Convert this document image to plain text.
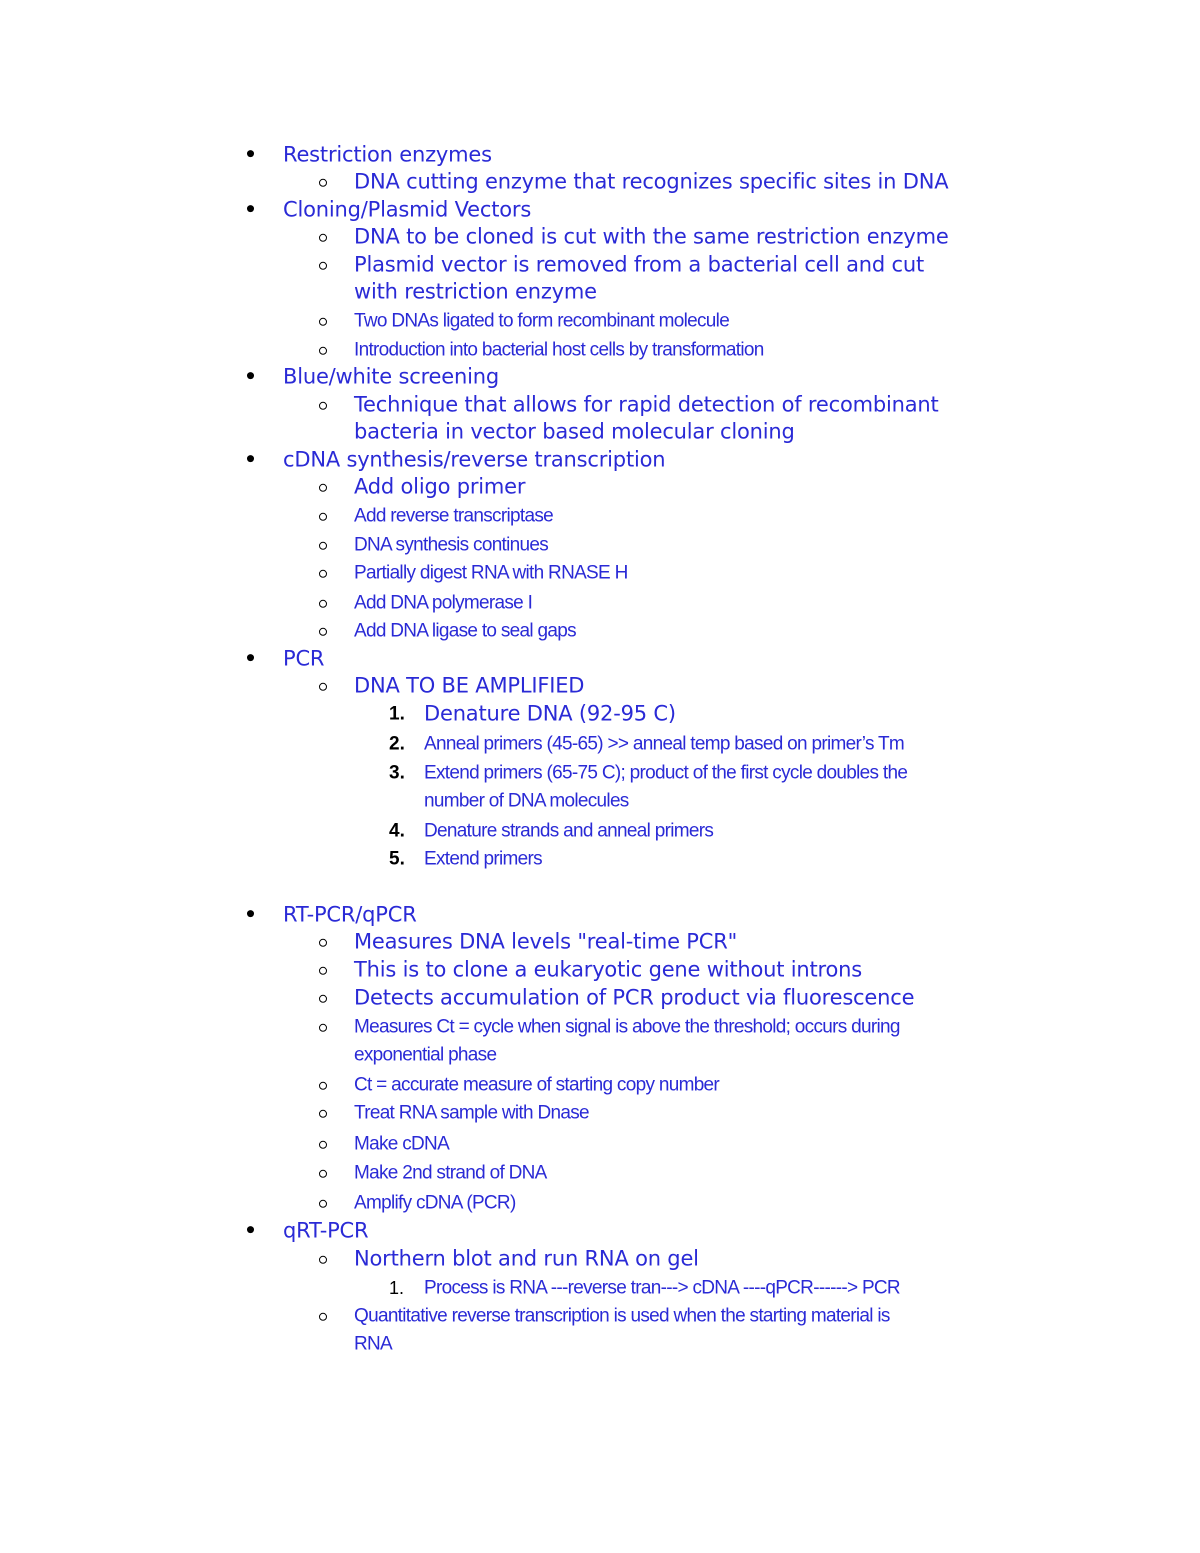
Restriction enzymes
DNA cutting enzyme that recognizes specific sites in DNA
Cloning/Plasmid Vectors
DNA to be cloned is cut with the same restriction enzyme
Plasmid vector is removed from a bacterial cell and cut
with restriction enzyme
Two DNAs ligated to form recombinant molecule
Introduction into bacterial host cells by transformation
Blue/white screening
Technique that allows for rapid detection of recombinant
bacteria in vector based molecular cloning
cDNA synthesis/reverse transcription
Add oligo primer
Add reverse transcriptase
DNA synthesis continues
Partially digest RNA with RNASE H
Add DNA polymerase I
Add DNA ligase to seal gaps
PCR
DNA TO BE AMPLIFIED
1. Denature DNA (92-95 C)
2. Anneal primers (45-65) >> anneal temp based on primer’s Tm
3. Extend primers (65-75 C); product of the first cycle doubles the
number of DNA molecules
4. Denature strands and anneal primers
5. Extend primers
RT-PCR/qPCR
Measures DNA levels "real-time PCR"
This is to clone a eukaryotic gene without introns
Detects accumulation of PCR product via fluorescence
Measures Ct = cycle when signal is above the threshold; occurs during
exponential phase
Ct = accurate measure of starting copy number
Treat RNA sample with Dnase
Make cDNA
Make 2nd strand of DNA
Amplify cDNA (PCR)
qRT-PCR
Northern blot and run RNA on gel
1. Process is RNA ---reverse tran---> cDNA ----qPCR------> PCR
Quantitative reverse transcription is used when the starting material is
RNA
